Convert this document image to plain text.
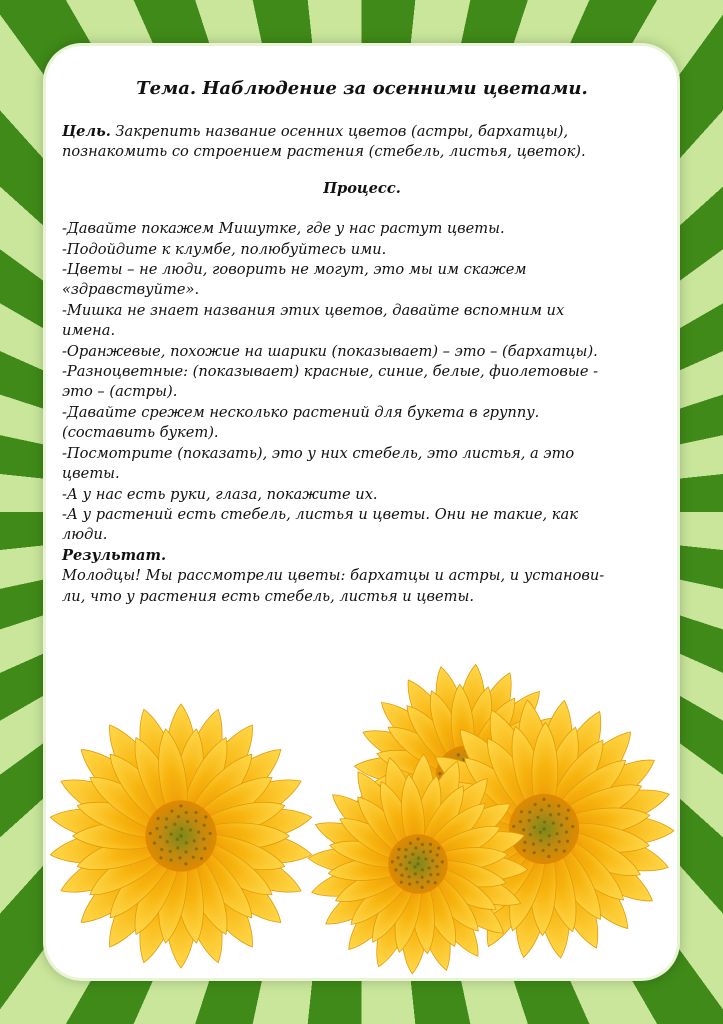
Тема. Наблюдение за осенними цветами.

Цель. Закрепить название осенних цветов (астры, бархатцы), познакомить со строением растения (стебель, листья, цветок).

Процесс.
-Давайте покажем Мишутке, где у нас растут цветы.
-Подойдите к клумбе, полюбуйтесь ими.
-Цветы – не люди, говорить не могут, это мы им скажем
«здравствуйте».
-Мишка не знает названия этих цветов, давайте вспомним их
имена.
-Оранжевые, похожие на шарики (показывает) – это – (бархатцы).
-Разноцветные: (показывает) красные, синие, белые, фиолетовые -
это – (астры).
-Давайте срежем несколько растений для букета в группу.
(составить букет).
-Посмотрите (показать), это у них стебель, это листья, а это
цветы.
-А у нас есть руки, глаза, покажите их.
-А у растений есть стебель, листья и цветы. Они не такие, как
люди.
Результат.
Молодцы! Мы рассмотрели цветы: бархатцы и астры, и установи-
ли, что у растения есть стебель, листья и цветы.
